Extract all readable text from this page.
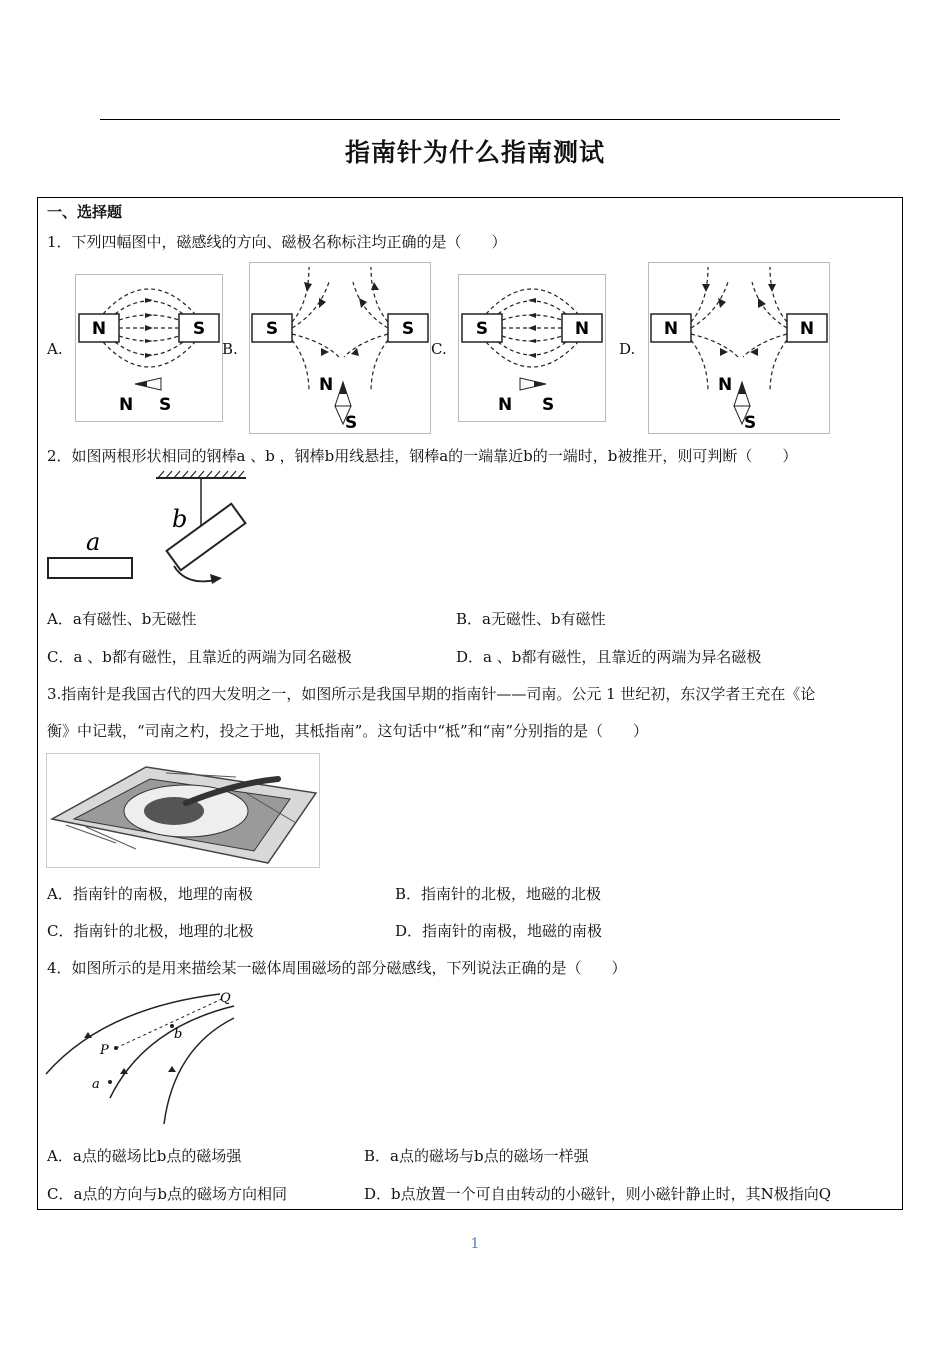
指南针为什么指南测试
一、选择题
1．下列四幅图中，磁感线的方向、磁极名称标注均正确的是（　　）
A.
N	S
N S
B.
S	S
N
S
C.
S	N
N S
D.
N	N
N
S
2．如图两根形状相同的钢棒a 、b ，钢棒b用线悬挂，钢棒a的一端靠近b的一端时，b被推开，则可判断（　　）
a
b
A．a有磁性、b无磁性	B．a无磁性、b有磁性
C．a 、b都有磁性，且靠近的两端为同名磁极	D．a 、b都有磁性，且靠近的两端为异名磁极
3.指南针是我国古代的四大发明之一，如图所示是我国早期的指南针——司南。公元 1 世纪初，东汉学者王充在《论
衡》中记载，“司南之杓，投之于地，其柢指南”。这句话中“柢”和“南”分别指的是（　　）
A．指南针的南极，地理的南极	B．指南针的北极，地磁的北极
C．指南针的北极，地理的北极	D．指南针的南极，地磁的南极
4．如图所示的是用来描绘某一磁体周围磁场的部分磁感线，下列说法正确的是（　　）
Q
b
P
a
A．a点的磁场比b点的磁场强	B．a点的磁场与b点的磁场一样强
C．a点的方向与b点的磁场方向相同	D．b点放置一个可自由转动的小磁针，则小磁针静止时，其N极指向Q
1
